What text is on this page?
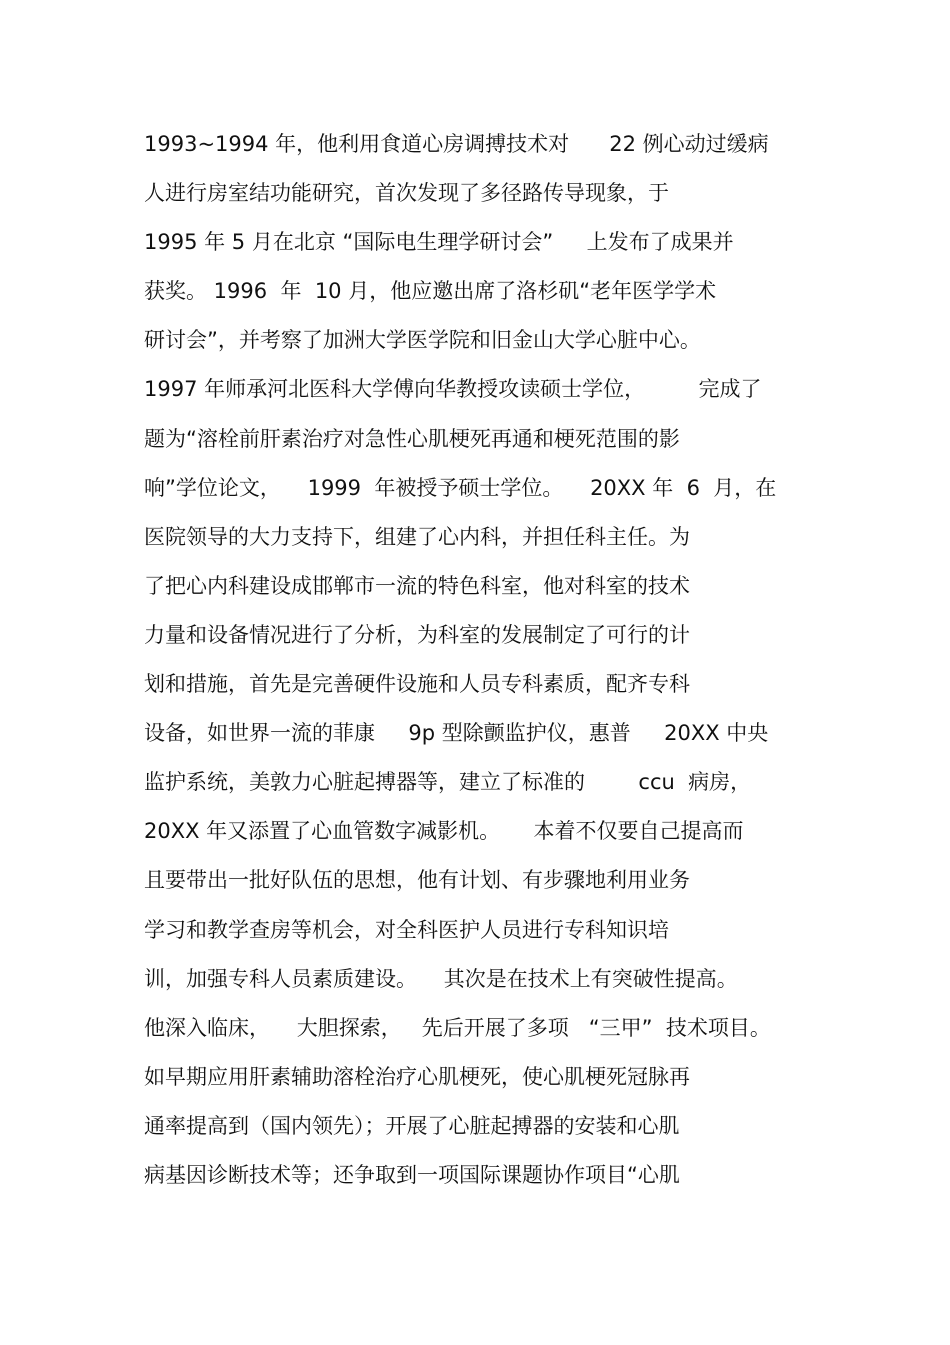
1993~1994 年，他利用食道心房调搏技术对      22 例心动过缓病
人进行房室结功能研究，首次发现了多径路传导现象，于
1995 年 5 月在北京 “国际电生理学研讨会”     上发布了成果并
获奖。 1996  年  10 月，他应邀出席了洛杉矶“老年医学学术
研讨会”，并考察了加洲大学医学院和旧金山大学心脏中心。
1997 年师承河北医科大学傅向华教授攻读硕士学位，        完成了
题为“溶栓前肝素治疗对急性心肌梗死再通和梗死范围的影
响”学位论文，    1999  年被授予硕士学位。    20XX 年  6  月，在
医院领导的大力支持下，组建了心内科，并担任科主任。为
了把心内科建设成邯郸市一流的特色科室，他对科室的技术
力量和设备情况进行了分析，为科室的发展制定了可行的计
划和措施，首先是完善硬件设施和人员专科素质，配齐专科
设备，如世界一流的菲康     9p 型除颤监护仪，惠普     20XX 中央
监护系统，美敦力心脏起搏器等，建立了标准的        ccu  病房，
20XX 年又添置了心血管数字减影机。     本着不仅要自己提高而
且要带出一批好队伍的思想，他有计划、有步骤地利用业务
学习和教学查房等机会，对全科医护人员进行专科知识培
训，加强专科人员素质建设。    其次是在技术上有突破性提高。
他深入临床，    大胆探索，   先后开展了多项   “三甲”  技术项目。
如早期应用肝素辅助溶栓治疗心肌梗死，使心肌梗死冠脉再
通率提高到（国内领先）；开展了心脏起搏器的安装和心肌
病基因诊断技术等；还争取到一项国际课题协作项目“心肌
